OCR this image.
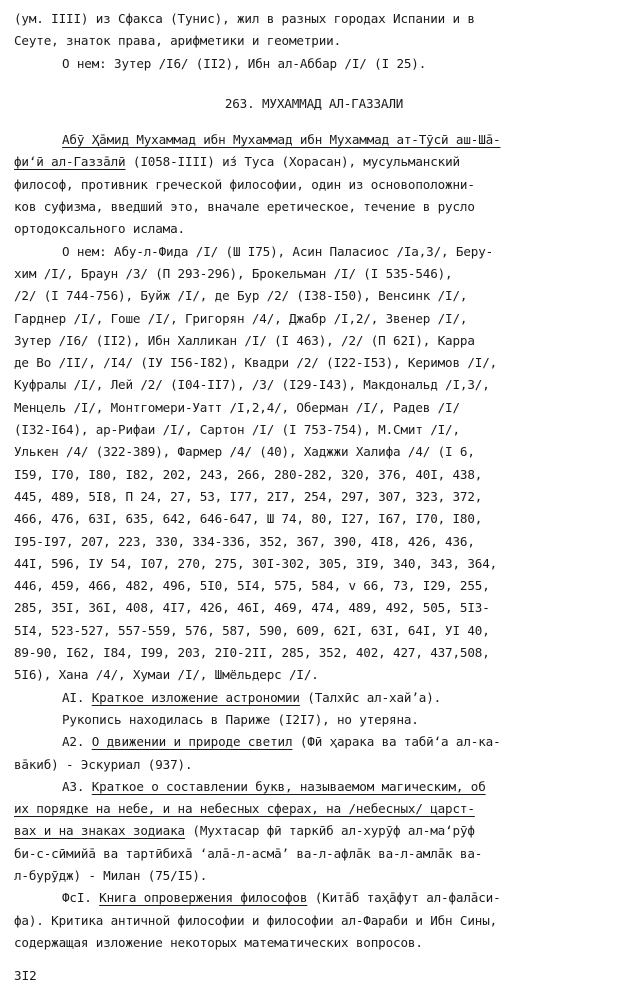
(ум. IIII) из Сфакса (Тунис), жил в разных городах Испании и в
Сеуте, знаток права, арифметики и геометрии.
О нем: Зутер /I6/ (II2), Ибн ал-Аббар /I/ (I 25).
263. МУХАММАД АЛ-ГАЗЗАЛИ
Абӯ Ҳāмид Мухаммад ибн Мухаммад ибн Мухаммад ат-Тӯсӣ аш-Шā-
фи‘ӣ ал-Газзāлӣ (I058-IIII) из́ Туса (Хорасан), мусульманский
философ, противник греческой философии, один из основоположни-
ков суфизма, введший это, вначале еретическое, течение в русло
ортодоксального ислама.
О нем: Абу-л-Фида /I/ (Ш I75), Асин Паласиос /Iа,3/, Беру-
хим /I/, Браун /3/ (П 293-296), Брокельман /I/ (I 535-546),
/2/ (I 744-756), Буйж /I/, де Бур /2/ (I38-I50), Венсинк /I/,
Гарднер /I/, Гоше /I/, Григорян /4/, Джабр /I,2/, Звенер /I/,
Зутер /I6/ (II2), Ибн Халликан /I/ (I 463), /2/ (П 62I), Карра
де Во /II/, /I4/ (IУ I56-I82), Квадри /2/ (I22-I53), Керимов /I/,
Куфралы /I/, Лей /2/ (I04-II7), /3/ (I29-I43), Макдональд /I,3/,
Менцель /I/, Монтгомери-Уатт /I,2,4/, Оберман /I/, Радев /I/
(I32-I64), ар-Рифаи /I/, Сартон /I/ (I 753-754), М.Смит /I/,
Улькен /4/ (322-389), Фармер /4/ (40), Хаджжи Халифа /4/ (I 6,
I59, I70, I80, I82, 202, 243, 266, 280-282, 320, 376, 40I, 438,
445, 489, 5I8, П 24, 27, 53, I77, 2I7, 254, 297, 307, 323, 372,
466, 476, 63I, 635, 642, 646-647, Ш 74, 80, I27, I67, I70, I80,
I95-I97, 207, 223, 330, 334-336, 352, 367, 390, 4I8, 426, 436,
44I, 596, IУ 54, I07, 270, 275, 30I-302, 305, 3I9, 340, 343, 364,
446, 459, 466, 482, 496, 5I0, 5I4, 575, 584, v 66, 73, I29, 255,
285, 35I, 36I, 408, 4I7, 426, 46I, 469, 474, 489, 492, 505, 5I3-
5I4, 523-527, 557-559, 576, 587, 590, 609, 62I, 63I, 64I, УI 40,
89-90, I62, I84, I99, 203, 2I0-2II, 285, 352, 402, 427, 437,508,
5I6), Хана /4/, Хумаи /I/, Шмёльдерс /I/.
АI. Краткое изложение астрономии (Талхӣс ал-хай’а).
Рукопись находилась в Париже (I2I7), но утеряна.
А2. О движении и природе светил (Фӣ ҳарака ва табӣ‘а ал-ка-
вāкиб) - Эскуриал (937).
А3. Краткое о составлении букв, называемом магическим, об
их порядке на небе, и на небесных сферах, на /небесных/ царст-
вах и на знаках зодиака (Мухтасар фӣ таркӣб ал-хурӯф ал-ма‘рӯф
би-с-сӣмийā ва тартӣбихā ‘алā-л-асмā’ ва-л-афлāк ва-л-амлāк ва-
л-бурӯдж) - Милан (75/I5).
ФсI. Книга опровержения философов (Китāб таҳāфут ал-фалāси-
фа). Критика античной философии и философии ал-Фараби и Ибн Сины,
содержащая изложение некоторых математических вопросов.
3I2
